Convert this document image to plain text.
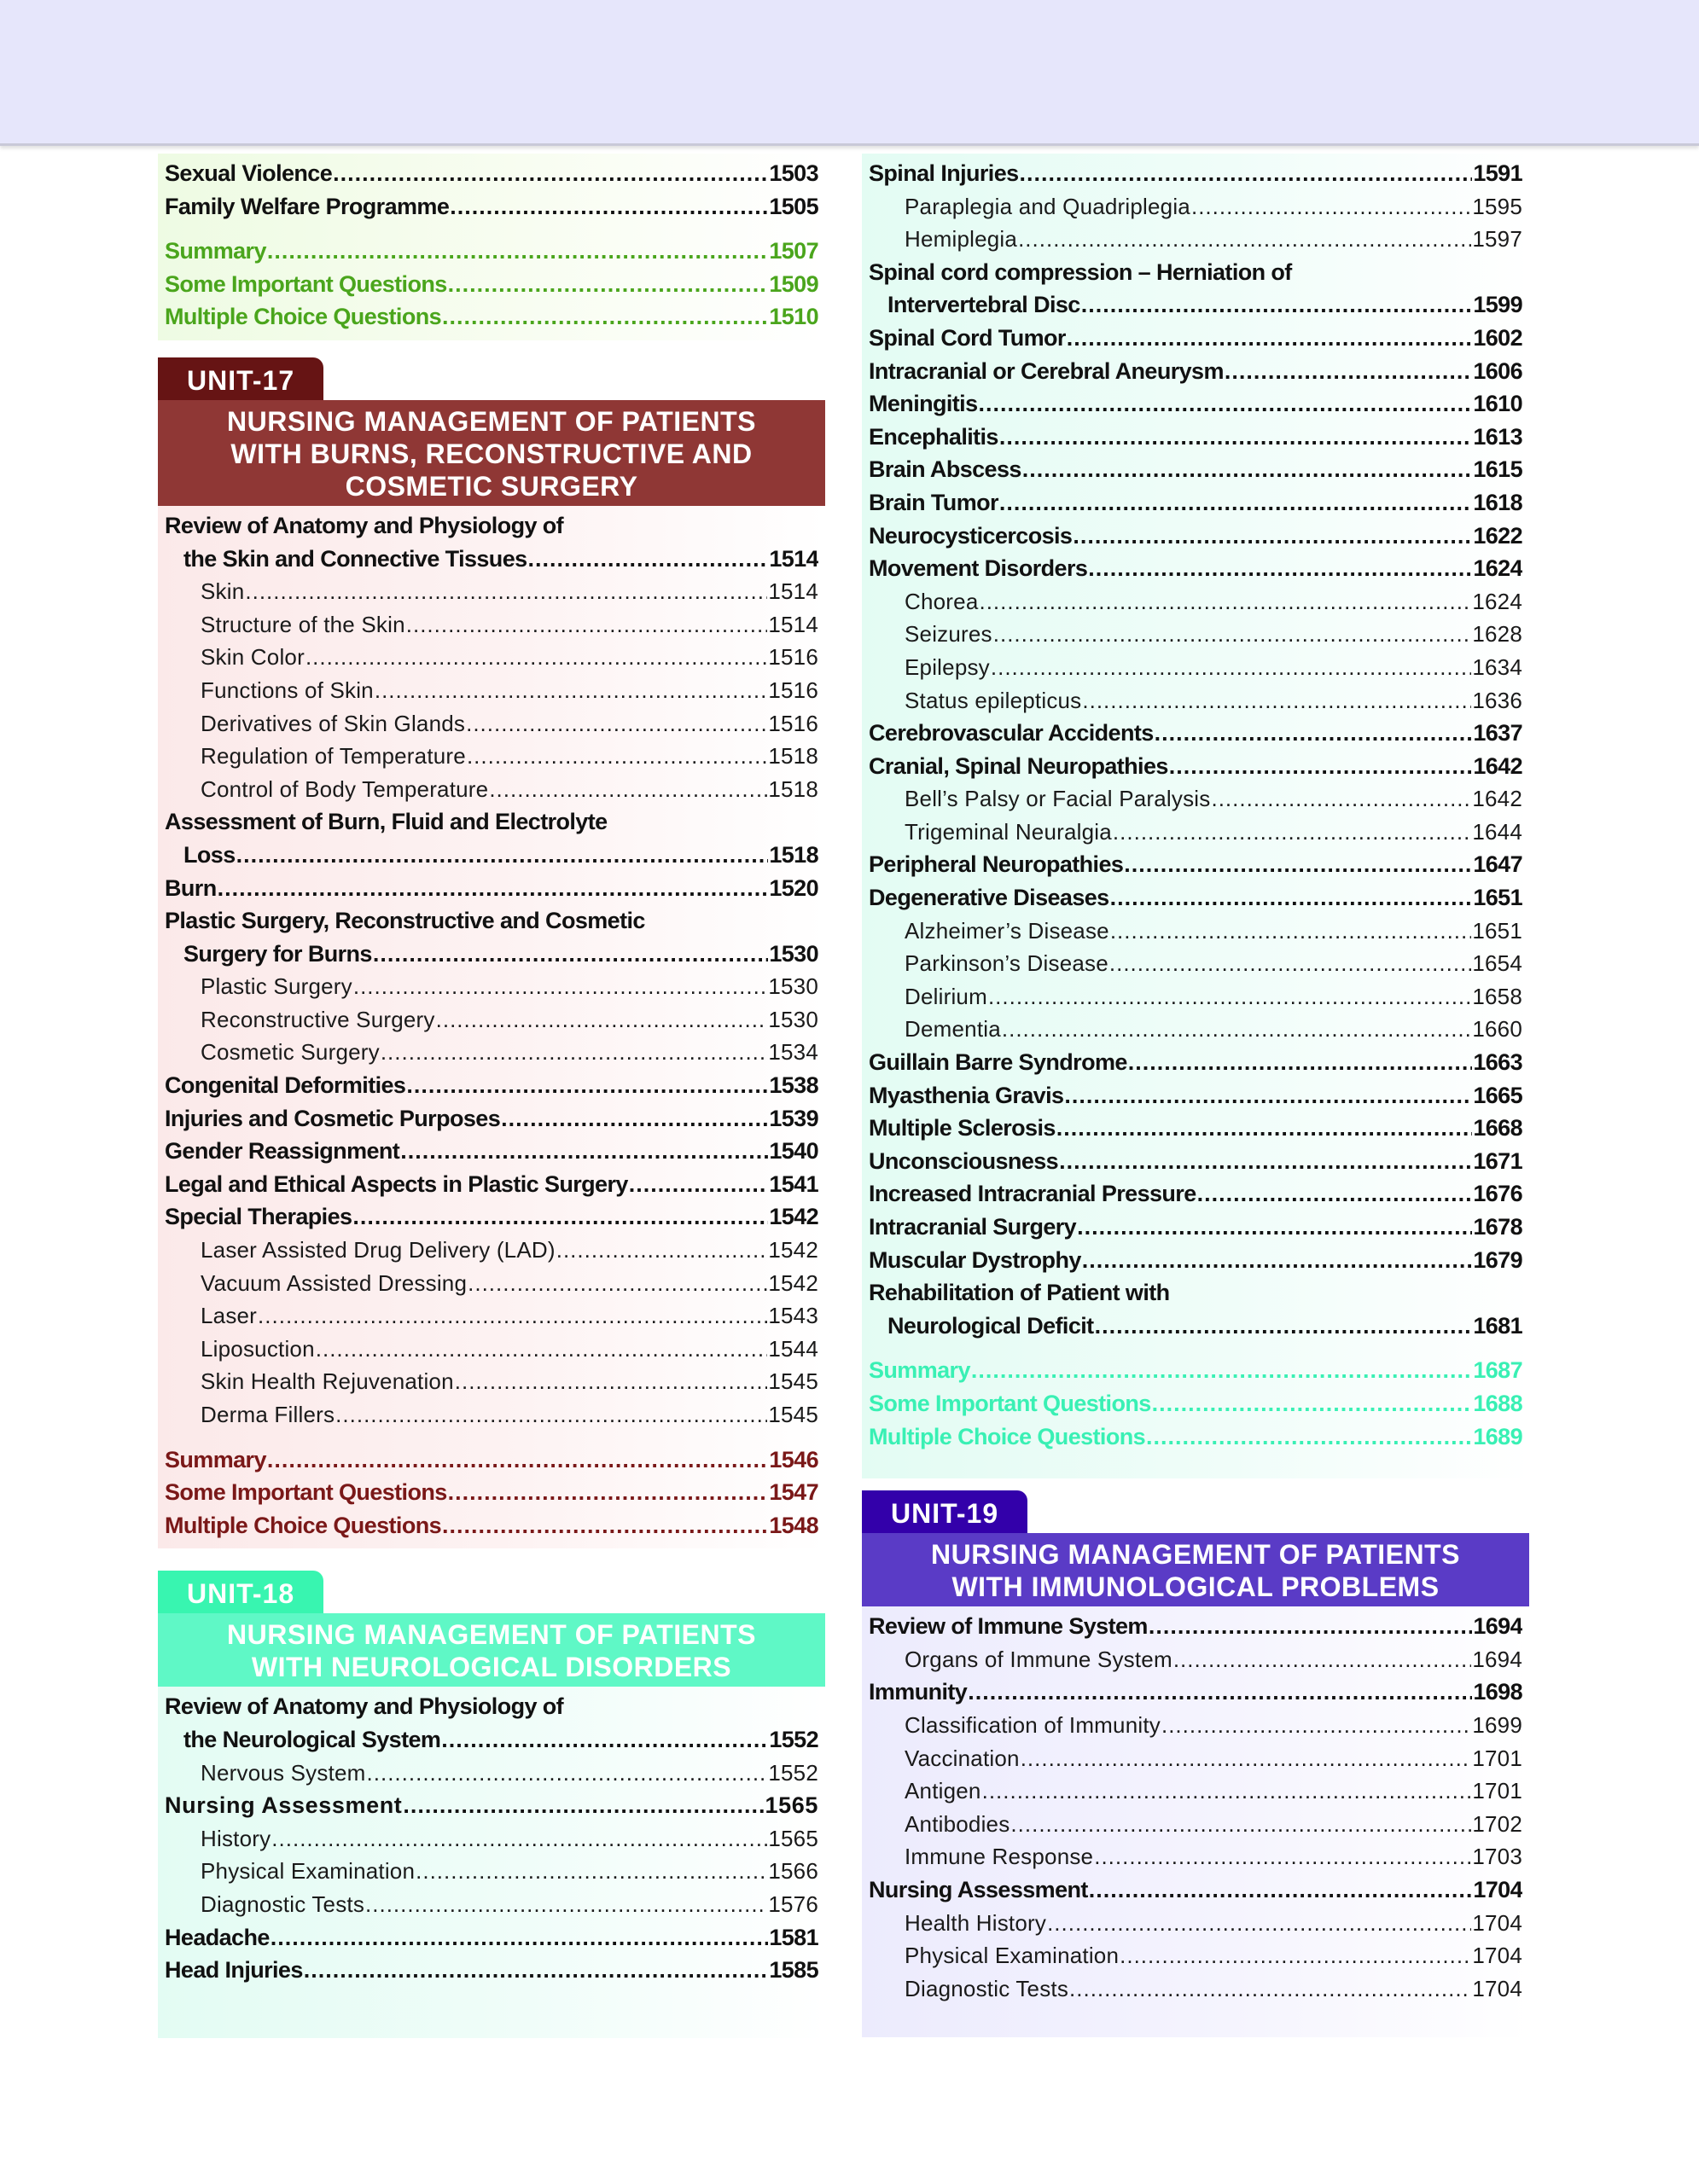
Sexual Violence .....	1503
Family Welfare Programme .....	1505
Summary .....	1507
Some Important Questions .....	1509
Multiple Choice Questions .....	1510
UNIT-17
NURSING MANAGEMENT OF PATIENTS
WITH BURNS, RECONSTRUCTIVE AND
COSMETIC SURGERY
Review of Anatomy and Physiology of
the Skin and Connective Tissues .....	1514
Skin .....	1514
Structure of the Skin .....	1514
Skin Color .....	1516
Functions of Skin .....	1516
Derivatives of Skin Glands .....	1516
Regulation of Temperature .....	1518
Control of Body Temperature .....	1518
Assessment of Burn, Fluid and Electrolyte
Loss .....	1518
Burn .....	1520
Plastic Surgery, Reconstructive and Cosmetic
Surgery for Burns .....	1530
Plastic Surgery .....	1530
Reconstructive Surgery .....	1530
Cosmetic Surgery .....	1534
Congenital Deformities .....	1538
Injuries and Cosmetic Purposes .....	1539
Gender Reassignment .....	1540
Legal and Ethical Aspects in Plastic Surgery .....	1541
Special Therapies .....	1542
Laser Assisted Drug Delivery (LAD) .....	1542
Vacuum Assisted Dressing .....	1542
Laser .....	1543
Liposuction .....	1544
Skin Health Rejuvenation .....	1545
Derma Fillers .....	1545
Summary .....	1546
Some Important Questions .....	1547
Multiple Choice Questions .....	1548
UNIT-18
NURSING MANAGEMENT OF PATIENTS
WITH NEUROLOGICAL DISORDERS
Review of Anatomy and Physiology of
the Neurological System .....	1552
Nervous System .....	1552
Nursing Assessment .....	1565
History .....	1565
Physical Examination .....	1566
Diagnostic Tests .....	1576
Headache .....	1581
Head Injuries .....	1585
Spinal Injuries .....	1591
Paraplegia and Quadriplegia .....	1595
Hemiplegia .....	1597
Spinal cord compression – Herniation of
Intervertebral Disc .....	1599
Spinal Cord Tumor .....	1602
Intracranial or Cerebral Aneurysm .....	1606
Meningitis .....	1610
Encephalitis .....	1613
Brain Abscess .....	1615
Brain Tumor .....	1618
Neurocysticercosis .....	1622
Movement Disorders .....	1624
Chorea .....	1624
Seizures .....	1628
Epilepsy .....	1634
Status epilepticus .....	1636
Cerebrovascular Accidents .....	1637
Cranial, Spinal Neuropathies .....	1642
Bell’s Palsy or Facial Paralysis .....	1642
Trigeminal Neuralgia .....	1644
Peripheral Neuropathies .....	1647
Degenerative Diseases .....	1651
Alzheimer’s Disease .....	1651
Parkinson’s Disease .....	1654
Delirium .....	1658
Dementia .....	1660
Guillain Barre Syndrome .....	1663
Myasthenia Gravis .....	1665
Multiple Sclerosis .....	1668
Unconsciousness .....	1671
Increased Intracranial Pressure .....	1676
Intracranial Surgery .....	1678
Muscular Dystrophy .....	1679
Rehabilitation of Patient with
Neurological Deficit .....	1681
Summary .....	1687
Some Important Questions .....	1688
Multiple Choice Questions .....	1689
UNIT-19
NURSING MANAGEMENT OF PATIENTS
WITH IMMUNOLOGICAL PROBLEMS
Review of Immune System .....	1694
Organs of Immune System .....	1694
Immunity .....	1698
Classification of Immunity .....	1699
Vaccination .....	1701
Antigen .....	1701
Antibodies .....	1702
Immune Response .....	1703
Nursing Assessment .....	1704
Health History .....	1704
Physical Examination .....	1704
Diagnostic Tests .....	1704
